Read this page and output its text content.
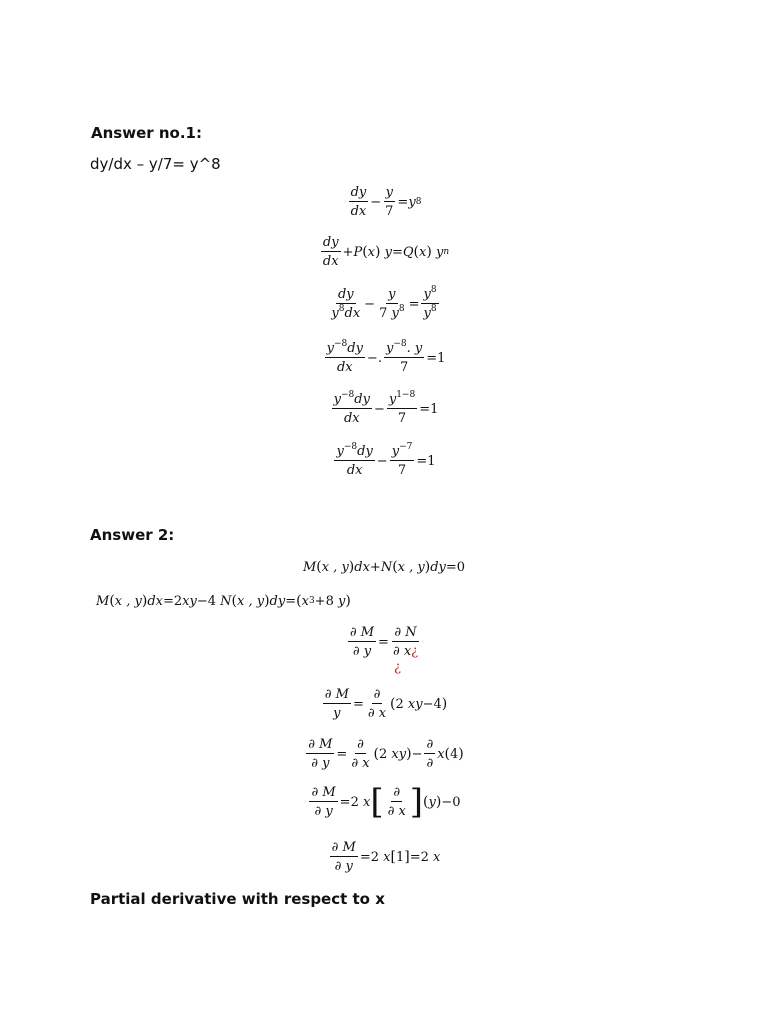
Answer no.1:
dy/dx – y/7= y^8
$\frac{dy}{dx} - \frac{y}{7} = y$ 8
$\frac{dy}{dx} + P$ ( x ) y = Q ( x ) y n
$\frac{dy}{y^8dx} - \frac{y}{7 y^8} = \frac{y^8}{y^8}$
$\frac{y^{-8}dy}{dx}$ −. $\frac{y^{-8}. y}{7} =1$
$\frac{y^{-8}dy}{dx} - \frac{y^{1-8}}{7} =1$
$\frac{y^{-8}dy}{dx} - \frac{y^{-7}}{7} =1$
Answer 2:
M ( x , y ) dx + N ( x , y ) dy =0
M ( x , y ) dx =2 xy −4 N ( x , y ) dy = ( x 3 +8 y )
$\frac{\partial M}{\partial y} = \frac{\partial N}{\partial x¿}$
¿
$\frac{\partial M}{y} = \frac{\partial}{\partial x}$ ( 2 xy −4 )
$\frac{\partial M}{\partial y} = \frac{\partial}{\partial x}$ ( 2 xy ) − $\frac{\partial}{\partial}$ x ( 4 )
$\frac{\partial M}{\partial y} =2$ x [ $\frac{\partial}{\partial x}$ ] ( y ) −0
$\frac{\partial M}{\partial y} =2$ x [ 1 ] =2 x
Partial derivative with respect to x
